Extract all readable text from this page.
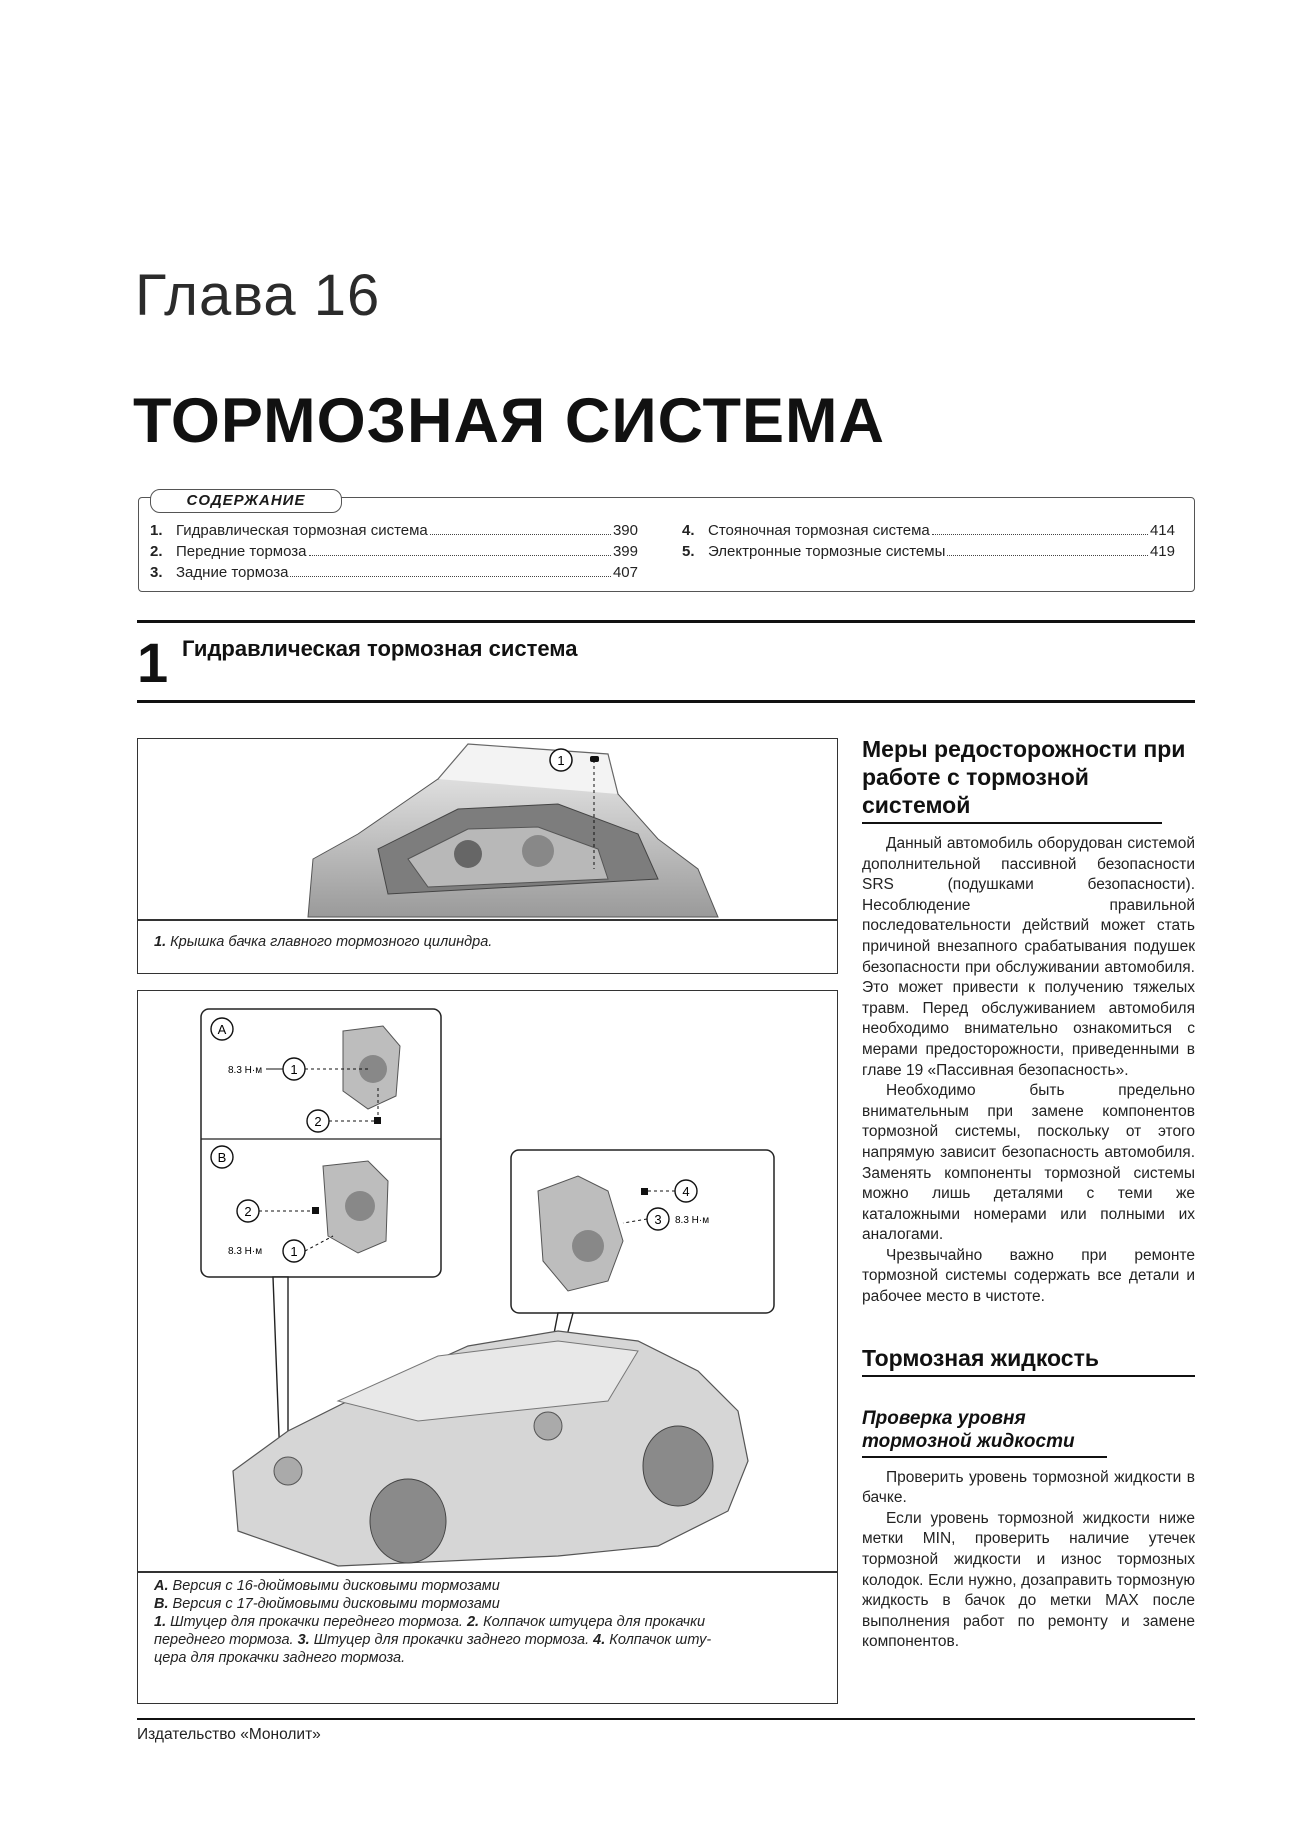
Глава 16
ТОРМОЗНАЯ СИСТЕМА
СОДЕРЖАНИЕ
1. Гидравлическая тормозная система	390
2. Передние тормоза	399
3. Задние тормоза	407
4. Стояночная тормозная система	414
5. Электронные тормозные системы	419
1 Гидравлическая тормозная система
1
1. Крышка бачка главного тормозного цилиндра.
A
8.3 Н·м 1
2
B
2
8.3 Н·м 1
4
3 8.3 Н·м
A. Версия с 16-дюймовыми дисковыми тормозами
B. Версия с 17-дюймовыми дисковыми тормозами
1. Штуцер для прокачки переднего тормоза. 2. Колпачок штуцера для прокачки
переднего тормоза. 3. Штуцер для прокачки заднего тормоза. 4. Колпачок шту-
цера для прокачки заднего тормоза.
Меры редосторожности при работе с тормозной системой

Данный автомобиль оборудован системой дополнительной пассивной безопасности SRS (подушками безопасности). Несоблюдение правильной последовательности действий может стать причиной внезапного срабатывания подушек безопасности при обслуживании автомобиля. Это может привести к получению тяжелых травм. Перед обслуживанием автомобиля необходимо внимательно ознакомиться с мерами предосторожности, приведенными в главе 19 «Пассивная безопасность».

Необходимо быть предельно внимательным при замене компонентов тормозной системы, поскольку от этого напрямую зависит безопасность автомобиля. Заменять компоненты тормозной системы можно лишь деталями с теми же каталожными номерами или полными их аналогами.

Чрезвычайно важно при ремонте тормозной системы содержать все детали и рабочее место в чистоте.

Тормозная жидкость
Проверка уровня тормозной жидкости

Проверить уровень тормозной жидкости в бачке.

Если уровень тормозной жидкости ниже метки MIN, проверить наличие утечек тормозной жидкости и износ тормозных колодок. Если нужно, дозаправить тормозную жидкость в бачок до метки MAX после выполнения работ по ремонту и замене компонентов.

Издательство «Монолит»
